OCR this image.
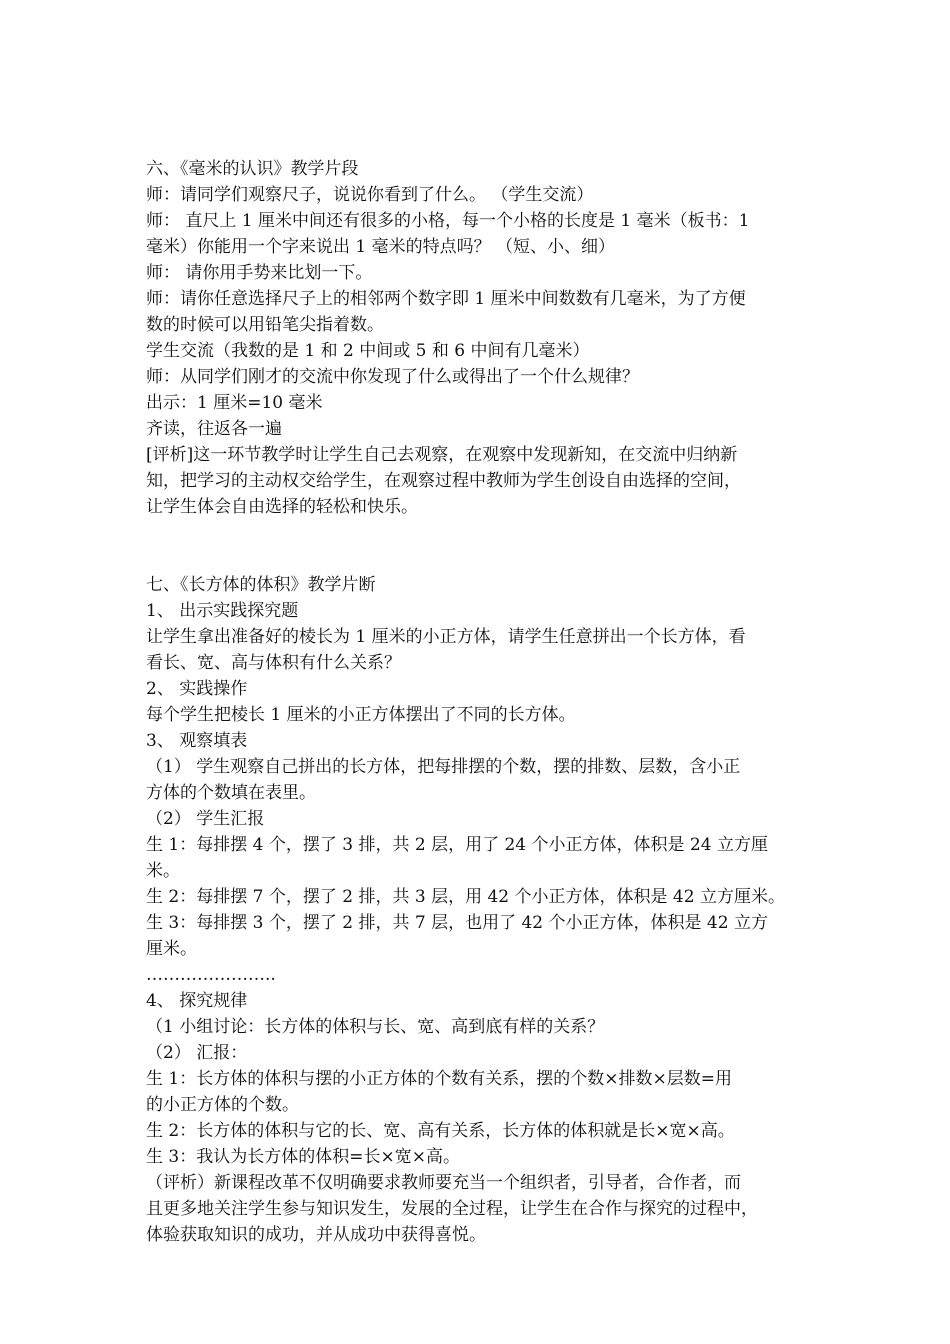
六、《毫米的认识》教学片段
师：请同学们观察尺子，说说你看到了什么。 （学生交流）
师： 直尺上 1 厘米中间还有很多的小格，每一个小格的长度是 1 毫米（板书：1
毫米）你能用一个字来说出 1 毫米的特点吗？ （短、小、细）
师： 请你用手势来比划一下。
师：请你任意选择尺子上的相邻两个数字即 1 厘米中间数数有几毫米，为了方便
数的时候可以用铅笔尖指着数。
学生交流（我数的是 1 和 2 中间或 5 和 6 中间有几毫米）
师：从同学们刚才的交流中你发现了什么或得出了一个什么规律？
出示：1 厘米=10 毫米
齐读，往返各一遍
[评析]这一环节教学时让学生自己去观察，在观察中发现新知，在交流中归纳新
知，把学习的主动权交给学生，在观察过程中教师为学生创设自由选择的空间，
让学生体会自由选择的轻松和快乐。
七、《长方体的体积》教学片断
1、 出示实践探究题
让学生拿出准备好的棱长为 1 厘米的小正方体，请学生任意拼出一个长方体，看
看长、宽、高与体积有什么关系？
2、 实践操作
每个学生把棱长 1 厘米的小正方体摆出了不同的长方体。
3、 观察填表
（1） 学生观察自己拼出的长方体，把每排摆的个数，摆的排数、层数，含小正
方体的个数填在表里。
（2） 学生汇报
生 1：每排摆 4 个，摆了 3 排，共 2 层，用了 24 个小正方体，体积是 24 立方厘
米。
生 2：每排摆 7 个，摆了 2 排，共 3 层，用 42 个小正方体，体积是 42 立方厘米。
生 3：每排摆 3 个，摆了 2 排，共 7 层，也用了 42 个小正方体，体积是 42 立方
厘米。
…………………..
4、 探究规律
（1 小组讨论：长方体的体积与长、宽、高到底有样的关系？
（2） 汇报：
生 1：长方体的体积与摆的小正方体的个数有关系，摆的个数×排数×层数=用
的小正方体的个数。
生 2：长方体的体积与它的长、宽、高有关系，长方体的体积就是长×宽×高。
生 3：我认为长方体的体积=长×宽×高。
（评析）新课程改革不仅明确要求教师要充当一个组织者，引导者，合作者，而
且更多地关注学生参与知识发生，发展的全过程，让学生在合作与探究的过程中，
体验获取知识的成功，并从成功中获得喜悦。
